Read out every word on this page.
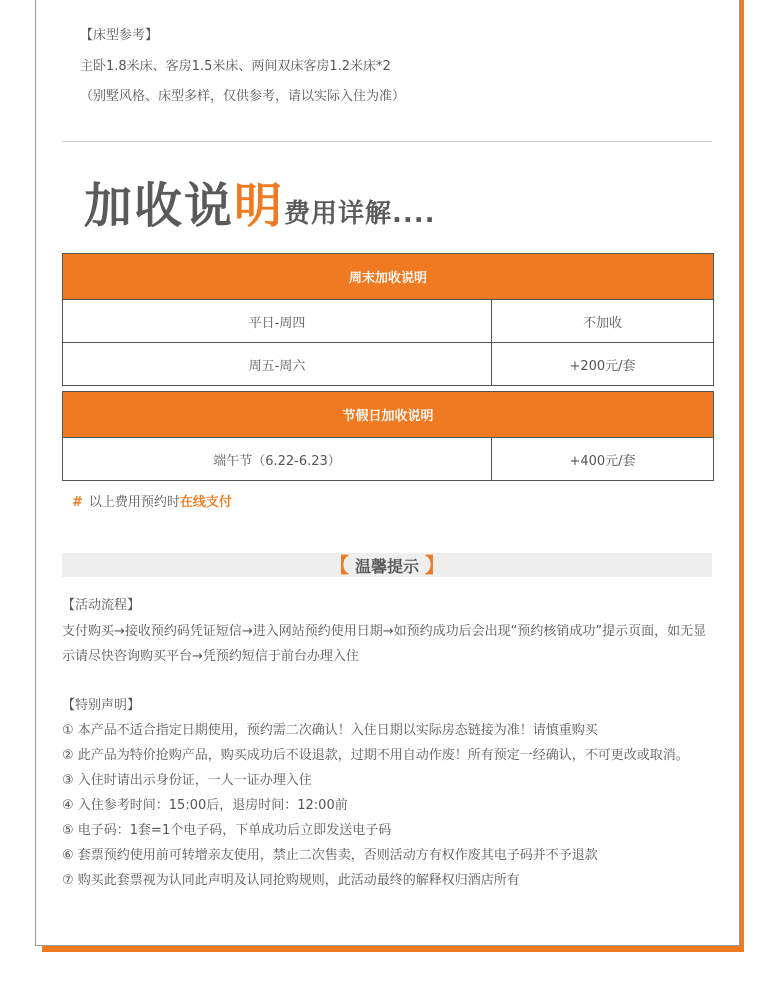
【床型参考】
主卧1.8米床、客房1.5米床、两间双床客房1.2米床*2
（别墅风格、床型多样，仅供参考，请以实际入住为准）
加收说 明 费用详解....
周末加收说明	
平日-周四	不加收
周五-周六	+200元/套
节假日加收说明
端午节（6.22-6.23）	+400元/套
# 以上费用预约时在线支付
【 温馨提示 】
【活动流程】
支付购买→接收预约码凭证短信→进入网站预约使用日期→如预约成功后会出现“预约核销成功”提示页面，如无显示请尽快咨询购买平台→凭预约短信于前台办理入住
【特别声明】
① 本产品不适合指定日期使用，预约需二次确认！入住日期以实际房态链接为准！请慎重购买
② 此产品为特价抢购产品，购买成功后不设退款，过期不用自动作废！所有预定一经确认，不可更改或取消。
③ 入住时请出示身份证，一人一证办理入住
④ 入住参考时间：15:00后，退房时间：12:00前
⑤ 电子码：1套=1个电子码，下单成功后立即发送电子码
⑥ 套票预约使用前可转增亲友使用，禁止二次售卖，否则活动方有权作废其电子码并不予退款
⑦ 购买此套票视为认同此声明及认同抢购规则，此活动最终的解释权归酒店所有
